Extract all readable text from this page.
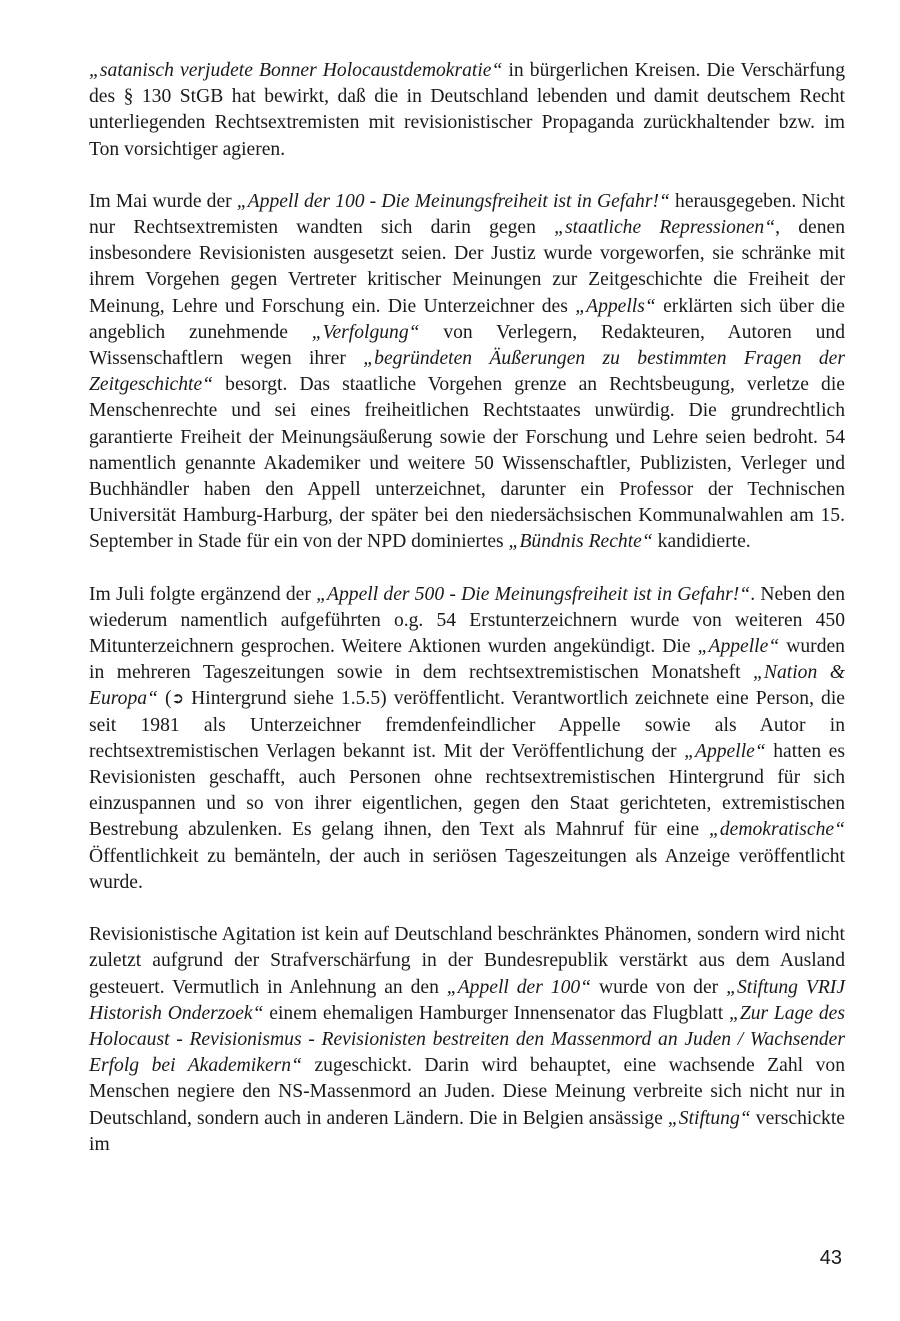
„satanisch verjudete Bonner Holocaustdemokratie“ in bürgerlichen Kreisen. Die Verschärfung des § 130 StGB hat bewirkt, daß die in Deutschland lebenden und damit deutschem Recht unterliegenden Rechtsextremisten mit revisionistischer Propaganda zurückhaltender bzw. im Ton vorsichtiger agieren.

Im Mai wurde der „Appell der 100 - Die Meinungsfreiheit ist in Gefahr!“ herausgegeben. Nicht nur Rechtsextremisten wandten sich darin gegen „staatliche Repressionen“, denen insbesondere Revisionisten ausgesetzt seien. Der Justiz wurde vorgeworfen, sie schränke mit ihrem Vorgehen gegen Vertreter kritischer Meinungen zur Zeitgeschichte die Freiheit der Meinung, Lehre und Forschung ein. Die Unterzeichner des „Appells“ erklärten sich über die angeblich zunehmende „Verfolgung“ von Verlegern, Redakteuren, Autoren und Wissenschaftlern wegen ihrer „begründeten Äußerungen zu bestimmten Fragen der Zeitgeschichte“ besorgt. Das staatliche Vorgehen grenze an Rechtsbeugung, verletze die Menschenrechte und sei eines freiheitlichen Rechtstaates unwürdig. Die grundrechtlich garantierte Freiheit der Meinungsäußerung sowie der Forschung und Lehre seien bedroht. 54 namentlich genannte Akademiker und weitere 50 Wissenschaftler, Publizisten, Verleger und Buchhändler haben den Appell unterzeichnet, darunter ein Professor der Technischen Universität Hamburg-Harburg, der später bei den niedersächsischen Kommunalwahlen am 15. September in Stade für ein von der NPD dominiertes „Bündnis Rechte“ kandidierte.

Im Juli folgte ergänzend der „Appell der 500 - Die Meinungsfreiheit ist in Gefahr!“. Neben den wiederum namentlich aufgeführten o.g. 54 Erstunterzeichnern wurde von weiteren 450 Mitunterzeichnern gesprochen. Weitere Aktionen wurden angekündigt. Die „Appelle“ wurden in mehreren Tageszeitungen sowie in dem rechtsextremistischen Monatsheft „Nation & Europa“ (➲ Hintergrund siehe 1.5.5) veröffentlicht. Verantwortlich zeichnete eine Person, die seit 1981 als Unterzeichner fremdenfeindlicher Appelle sowie als Autor in rechtsextremistischen Verlagen bekannt ist. Mit der Veröffentlichung der „Appelle“ hatten es Revisionisten geschafft, auch Personen ohne rechtsextremistischen Hintergrund für sich einzuspannen und so von ihrer eigentlichen, gegen den Staat gerichteten, extremistischen Bestrebung abzulenken. Es gelang ihnen, den Text als Mahnruf für eine „demokratische“ Öffentlichkeit zu bemänteln, der auch in seriösen Tageszeitungen als Anzeige veröffentlicht wurde.

Revisionistische Agitation ist kein auf Deutschland beschränktes Phänomen, sondern wird nicht zuletzt aufgrund der Strafverschärfung in der Bundesrepublik verstärkt aus dem Ausland gesteuert. Vermutlich in Anlehnung an den „Appell der 100“ wurde von der „Stiftung VRIJ Historish Onderzoek“ einem ehemaligen Hamburger Innensenator das Flugblatt „Zur Lage des Holocaust - Revisionismus - Revisionisten bestreiten den Massenmord an Juden / Wachsender Erfolg bei Akademikern“ zugeschickt. Darin wird behauptet, eine wachsende Zahl von Menschen negiere den NS-Massenmord an Juden. Diese Meinung verbreite sich nicht nur in Deutschland, sondern auch in anderen Ländern. Die in Belgien ansässige „Stiftung“ verschickte im

43
